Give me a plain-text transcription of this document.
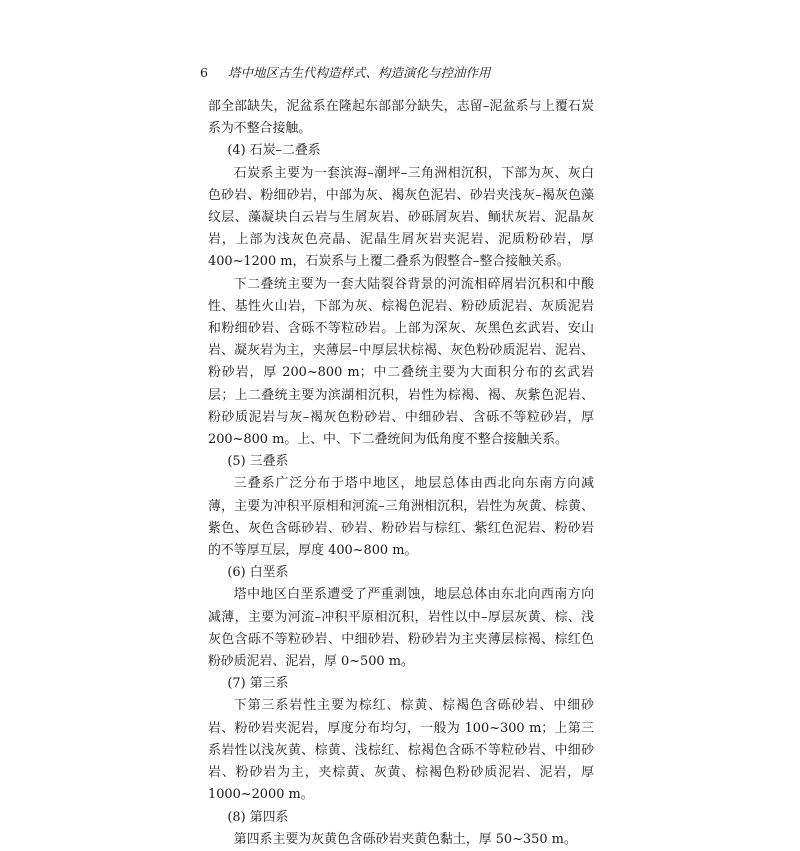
6 塔中地区古生代构造样式、构造演化与控油作用

部全部缺失，泥盆系在隆起东部部分缺失，志留–泥盆系与上覆石炭系为不整合接触。

(4) 石炭–二叠系

石炭系主要为一套滨海–潮坪–三角洲相沉积，下部为灰、灰白色砂岩、粉细砂岩，中部为灰、褐灰色泥岩、砂岩夹浅灰–褐灰色藻纹层、藻凝块白云岩与生屑灰岩、砂砾屑灰岩、鲕状灰岩、泥晶灰岩，上部为浅灰色亮晶、泥晶生屑灰岩夹泥岩、泥质粉砂岩，厚 400~1200 m，石炭系与上覆二叠系为假整合–整合接触关系。

下二叠统主要为一套大陆裂谷背景的河流相碎屑岩沉积和中酸性、基性火山岩，下部为灰、棕褐色泥岩、粉砂质泥岩、灰质泥岩和粉细砂岩、含砾不等粒砂岩。上部为深灰、灰黑色玄武岩、安山岩、凝灰岩为主，夹薄层–中厚层状棕褐、灰色粉砂质泥岩、泥岩、粉砂岩，厚 200~800 m；中二叠统主要为大面积分布的玄武岩层；上二叠统主要为滨湖相沉积，岩性为棕褐、褐、灰紫色泥岩、粉砂质泥岩与灰–褐灰色粉砂岩、中细砂岩、含砾不等粒砂岩，厚 200~800 m。上、中、下二叠统间为低角度不整合接触关系。

(5) 三叠系

三叠系广泛分布于塔中地区，地层总体由西北向东南方向减薄，主要为冲积平原相和河流–三角洲相沉积，岩性为灰黄、棕黄、紫色、灰色含砾砂岩、砂岩、粉砂岩与棕红、紫红色泥岩、粉砂岩的不等厚互层，厚度 400~800 m。

(6) 白垩系

塔中地区白垩系遭受了严重剥蚀，地层总体由东北向西南方向减薄，主要为河流–冲积平原相沉积，岩性以中–厚层灰黄、棕、浅灰色含砾不等粒砂岩、中细砂岩、粉砂岩为主夹薄层棕褐、棕红色粉砂质泥岩、泥岩，厚 0~500 m。

(7) 第三系

下第三系岩性主要为棕红、棕黄、棕褐色含砾砂岩、中细砂岩、粉砂岩夹泥岩，厚度分布均匀，一般为 100~300 m；上第三系岩性以浅灰黄、棕黄、浅棕红、棕褐色含砾不等粒砂岩、中细砂岩、粉砂岩为主，夹棕黄、灰黄、棕褐色粉砂质泥岩、泥岩，厚 1000~2000 m。

(8) 第四系

第四系主要为灰黄色含砾砂岩夹黄色黏土，厚 50~350 m。
